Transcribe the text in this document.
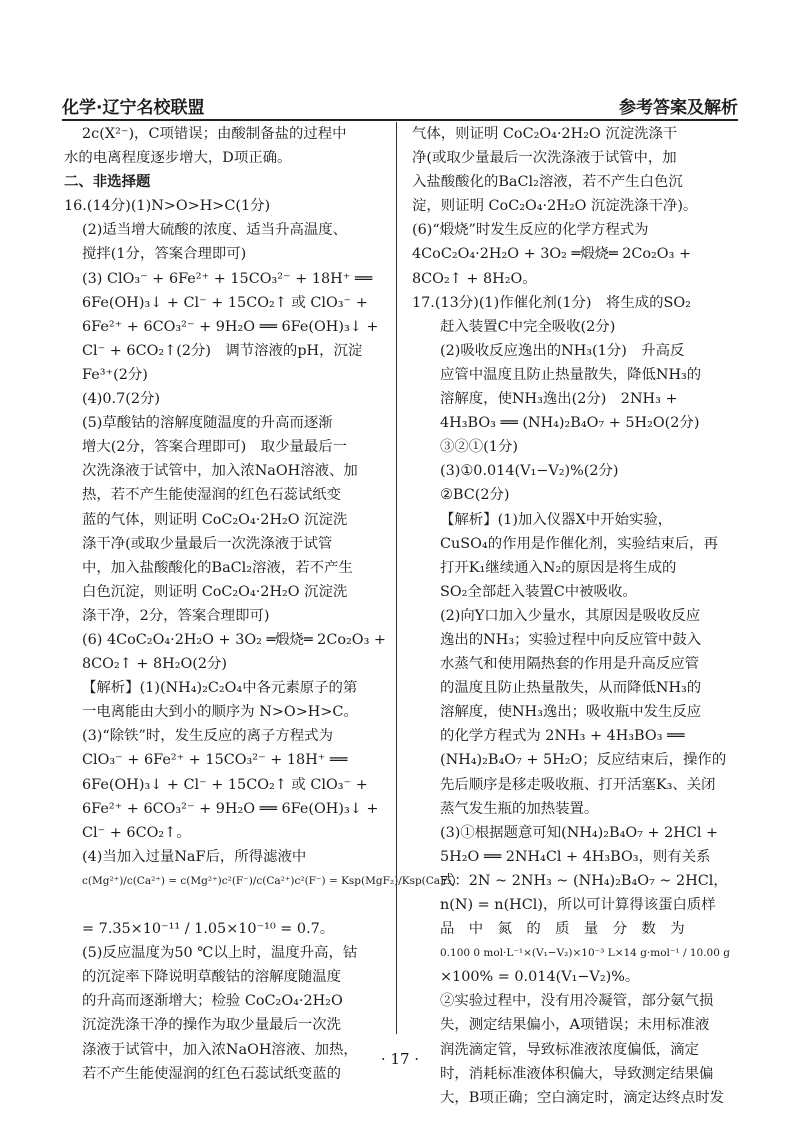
化学·辽宁名校联盟	参考答案及解析
2c(X²⁻)，C项错误；由酸制备盐的过程中
水的电离程度逐步增大，D项正确。
二、非选择题
16.(14分)(1)N>O>H>C(1分)
(2)适当增大硫酸的浓度、适当升高温度、
搅拌(1分，答案合理即可)
(3) ClO₃⁻ + 6Fe²⁺ + 15CO₃²⁻ + 18H⁺ ══
6Fe(OH)₃↓ + Cl⁻ + 15CO₂↑ 或 ClO₃⁻ +
6Fe²⁺ + 6CO₃²⁻ + 9H₂O ══ 6Fe(OH)₃↓ +
Cl⁻ + 6CO₂↑(2分)　调节溶液的pH，沉淀
Fe³⁺(2分)
(4)0.7(2分)
(5)草酸钴的溶解度随温度的升高而逐渐
增大(2分，答案合理即可)　取少量最后一
次洗涤液于试管中，加入浓NaOH溶液、加
热，若不产生能使湿润的红色石蕊试纸变
蓝的气体，则证明 CoC₂O₄·2H₂O 沉淀洗
涤干净(或取少量最后一次洗涤液于试管
中，加入盐酸酸化的BaCl₂溶液，若不产生
白色沉淀，则证明 CoC₂O₄·2H₂O 沉淀洗
涤干净，2分，答案合理即可)
(6) 4CoC₂O₄·2H₂O + 3O₂ ═煅烧═ 2Co₂O₃ +
8CO₂↑ + 8H₂O(2分)
【解析】(1)(NH₄)₂C₂O₄中各元素原子的第
一电离能由大到小的顺序为 N>O>H>C。
(3)“除铁”时，发生反应的离子方程式为
ClO₃⁻ + 6Fe²⁺ + 15CO₃²⁻ + 18H⁺ ══
6Fe(OH)₃↓ + Cl⁻ + 15CO₂↑ 或 ClO₃⁻ +
6Fe²⁺ + 6CO₃²⁻ + 9H₂O ══ 6Fe(OH)₃↓ +
Cl⁻ + 6CO₂↑。
(4)当加入过量NaF后，所得滤液中
c(Mg²⁺)/c(Ca²⁺) = c(Mg²⁺)c²(F⁻)/c(Ca²⁺)c²(F⁻) = Ksp(MgF₂)/Ksp(CaF₂)
= 7.35×10⁻¹¹ / 1.05×10⁻¹⁰ = 0.7。
(5)反应温度为50 ℃以上时，温度升高，钴
的沉淀率下降说明草酸钴的溶解度随温度
的升高而逐渐增大；检验 CoC₂O₄·2H₂O
沉淀洗涤干净的操作为取少量最后一次洗
涤液于试管中，加入浓NaOH溶液、加热，
若不产生能使湿润的红色石蕊试纸变蓝的
气体，则证明 CoC₂O₄·2H₂O 沉淀洗涤干
净(或取少量最后一次洗涤液于试管中，加
入盐酸酸化的BaCl₂溶液，若不产生白色沉
淀，则证明 CoC₂O₄·2H₂O 沉淀洗涤干净)。
(6)“煅烧”时发生反应的化学方程式为
4CoC₂O₄·2H₂O + 3O₂ ═煅烧═ 2Co₂O₃ +
8CO₂↑ + 8H₂O。
17.(13分)(1)作催化剂(1分)　将生成的SO₂
赶入装置C中完全吸收(2分)
(2)吸收反应逸出的NH₃(1分)　升高反
应管中温度且防止热量散失，降低NH₃的
溶解度，使NH₃逸出(2分)　2NH₃ +
4H₃BO₃ ══ (NH₄)₂B₄O₇ + 5H₂O(2分)
③②①(1分)
(3)①0.014(V₁−V₂)%(2分)
②BC(2分)
【解析】(1)加入仪器X中开始实验，
CuSO₄的作用是作催化剂，实验结束后，再
打开K₁继续通入N₂的原因是将生成的
SO₂全部赶入装置C中被吸收。
(2)向Y口加入少量水，其原因是吸收反应
逸出的NH₃；实验过程中向反应管中鼓入
水蒸气和使用隔热套的作用是升高反应管
的温度且防止热量散失，从而降低NH₃的
溶解度，使NH₃逸出；吸收瓶中发生反应
的化学方程式为 2NH₃ + 4H₃BO₃ ══
(NH₄)₂B₄O₇ + 5H₂O；反应结束后，操作的
先后顺序是移走吸收瓶、打开活塞K₃、关闭
蒸气发生瓶的加热装置。
(3)①根据题意可知(NH₄)₂B₄O₇ + 2HCl +
5H₂O ══ 2NH₄Cl + 4H₃BO₃，则有关系
式：2N ~ 2NH₃ ~ (NH₄)₂B₄O₇ ~ 2HCl，
n(N) = n(HCl)，所以可计算得该蛋白质样
品　中　氮　的　质　量　分　数　为
0.100 0 mol·L⁻¹×(V₁−V₂)×10⁻³ L×14 g·mol⁻¹ / 10.00 g
×100% = 0.014(V₁−V₂)%。
②实验过程中，没有用冷凝管，部分氨气损
失，测定结果偏小，A项错误；未用标准液
润洗滴定管，导致标准液浓度偏低，滴定
时，消耗标准液体积偏大，导致测定结果偏
大，B项正确；空白滴定时，滴定达终点时发
· 17 ·
